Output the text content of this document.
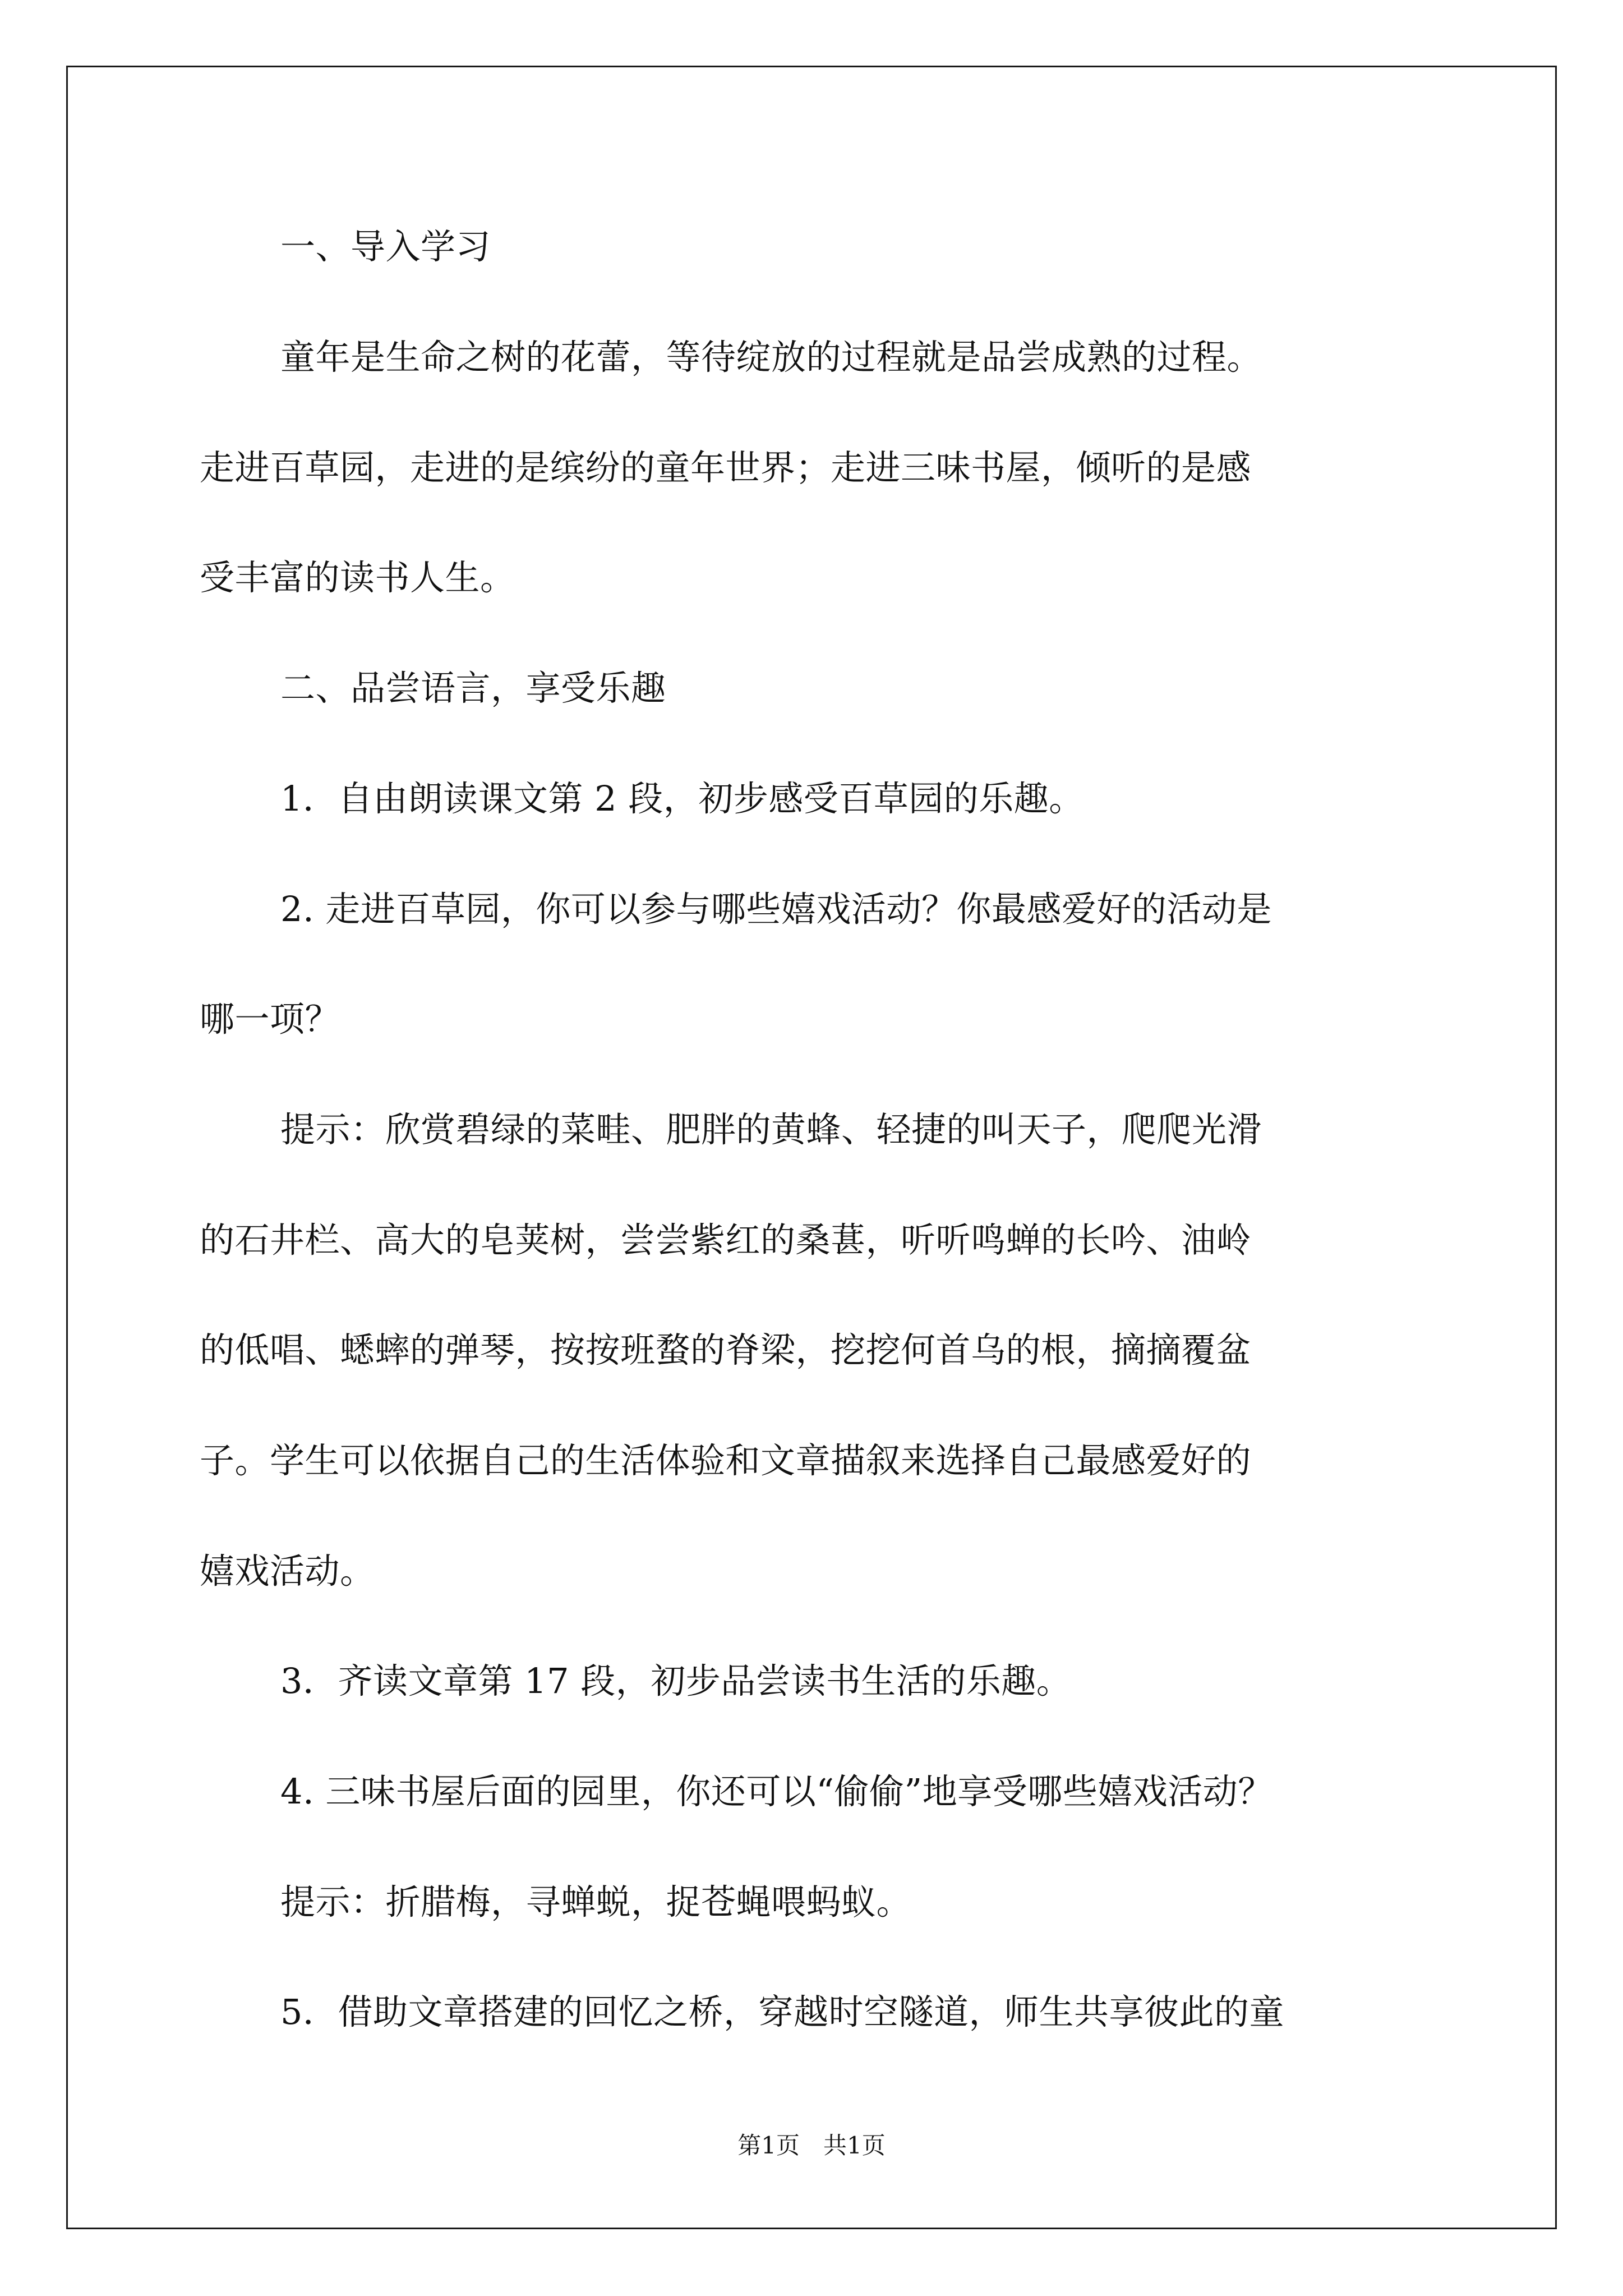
一、导入学习
童年是生命之树的花蕾，等待绽放的过程就是品尝成熟的过程。
走进百草园，走进的是缤纷的童年世界；走进三味书屋，倾听的是感
受丰富的读书人生。
二、品尝语言，享受乐趣
1．自由朗读课文第 2 段，初步感受百草园的乐趣。
2. 走进百草园，你可以参与哪些嬉戏活动？你最感爱好的活动是
哪一项？
提示：欣赏碧绿的菜畦、肥胖的黄蜂、轻捷的叫天子，爬爬光滑
的石井栏、高大的皂荚树，尝尝紫红的桑葚，听听鸣蝉的长吟、油岭
的低唱、蟋蟀的弹琴，按按班蝥的脊梁，挖挖何首乌的根，摘摘覆盆
子。学生可以依据自己的生活体验和文章描叙来选择自己最感爱好的
嬉戏活动。
3．齐读文章第 17 段，初步品尝读书生活的乐趣。
4. 三味书屋后面的园里，你还可以“偷偷”地享受哪些嬉戏活动？
提示：折腊梅，寻蝉蜕，捉苍蝇喂蚂蚁。
5．借助文章搭建的回忆之桥，穿越时空隧道，师生共享彼此的童
第1页　共1页
